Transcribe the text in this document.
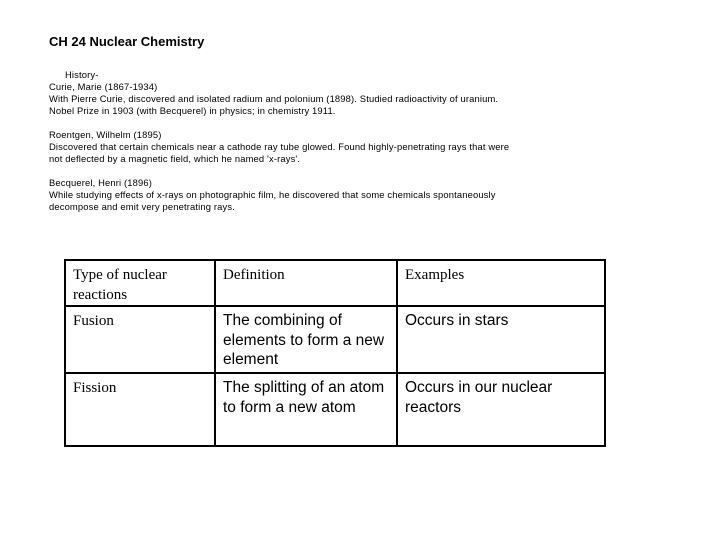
CH 24 Nuclear Chemistry
History-

Curie, Marie (1867-1934)
With Pierre Curie, discovered and isolated radium and polonium (1898). Studied radioactivity of uranium.
Nobel Prize in 1903 (with Becquerel) in physics; in chemistry 1911.

Roentgen, Wilhelm (1895)
Discovered that certain chemicals near a cathode ray tube glowed. Found highly-penetrating rays that were
not deflected by a magnetic field, which he named 'x-rays'.

Becquerel, Henri (1896)
While studying effects of x-rays on photographic film, he discovered that some chemicals spontaneously
decompose and emit very penetrating rays.

Type of nuclear reactions	Definition	Examples
Fusion	The combining of elements to form a new element	Occurs in stars
Fission	The splitting of an atom to form a new atom	Occurs in our nuclear reactors
